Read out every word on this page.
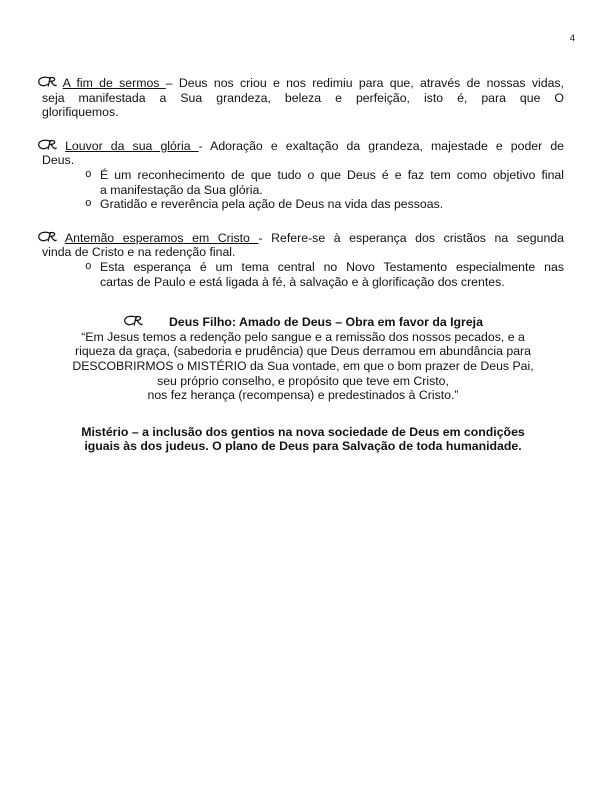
4
A fim de sermos – Deus nos criou e nos redimiu para que, através de nossas vidas,
seja manifestada a Sua grandeza, beleza e perfeição, isto é, para que O
glorifiquemos.
Louvor da sua glória - Adoração e exaltação da grandeza, majestade e poder de
Deus.
o É um reconhecimento de que tudo o que Deus é e faz tem como objetivo final
a manifestação da Sua glória.
o Gratidão e reverência pela ação de Deus na vida das pessoas.
Antemão esperamos em Cristo - Refere-se à esperança dos cristãos na segunda
vinda de Cristo e na redenção final.
o Esta esperança é um tema central no Novo Testamento especialmente nas
cartas de Paulo e está ligada à fé, à salvação e à glorificação dos crentes.
Deus Filho: Amado de Deus – Obra em favor da Igreja
“Em Jesus temos a redenção pelo sangue e a remissão dos nossos pecados, e a
riqueza da graça, (sabedoria e prudência) que Deus derramou em abundância para
DESCOBRIRMOS o MISTÉRIO da Sua vontade, em que o bom prazer de Deus Pai,
seu próprio conselho, e propósito que teve em Cristo,
nos fez herança (recompensa) e predestinados à Cristo.”
Mistério – a inclusão dos gentios na nova sociedade de Deus em condições
iguais às dos judeus. O plano de Deus para Salvação de toda humanidade.
